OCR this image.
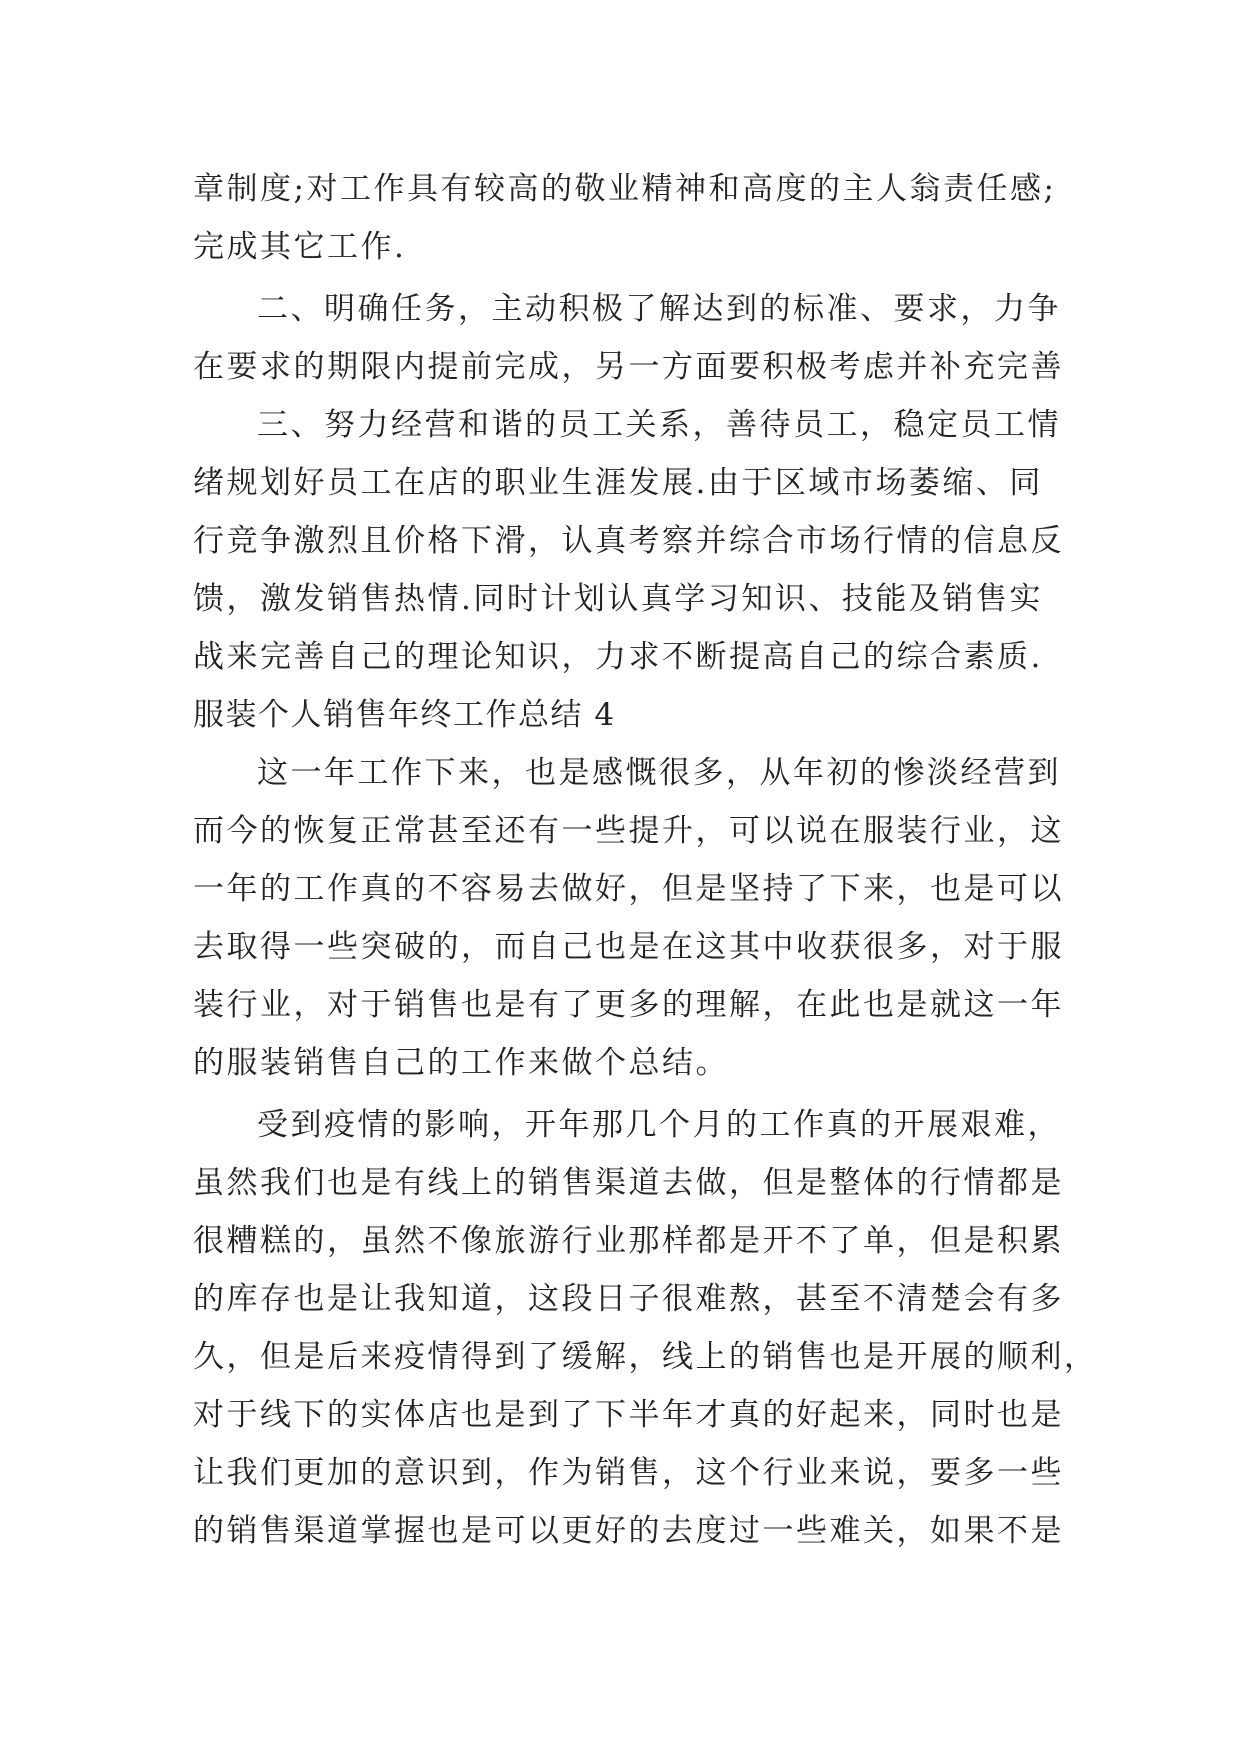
章制度;对工作具有较高的敬业精神和高度的主人翁责任感;
完成其它工作.
二、明确任务，主动积极了解达到的标准、要求，力争
在要求的期限内提前完成，另一方面要积极考虑并补充完善
三、努力经营和谐的员工关系，善待员工，稳定员工情
绪规划好员工在店的职业生涯发展.由于区域市场萎缩、同
行竞争激烈且价格下滑，认真考察并综合市场行情的信息反
馈，激发销售热情.同时计划认真学习知识、技能及销售实
战来完善自己的理论知识，力求不断提高自己的综合素质.
服装个人销售年终工作总结 4
这一年工作下来，也是感慨很多，从年初的惨淡经营到
而今的恢复正常甚至还有一些提升，可以说在服装行业，这
一年的工作真的不容易去做好，但是坚持了下来，也是可以
去取得一些突破的，而自己也是在这其中收获很多，对于服
装行业，对于销售也是有了更多的理解，在此也是就这一年
的服装销售自己的工作来做个总结。
受到疫情的影响，开年那几个月的工作真的开展艰难，
虽然我们也是有线上的销售渠道去做，但是整体的行情都是
很糟糕的，虽然不像旅游行业那样都是开不了单，但是积累
的库存也是让我知道，这段日子很难熬，甚至不清楚会有多
久，但是后来疫情得到了缓解，线上的销售也是开展的顺利，
对于线下的实体店也是到了下半年才真的好起来，同时也是
让我们更加的意识到，作为销售，这个行业来说，要多一些
的销售渠道掌握也是可以更好的去度过一些难关，如果不是
